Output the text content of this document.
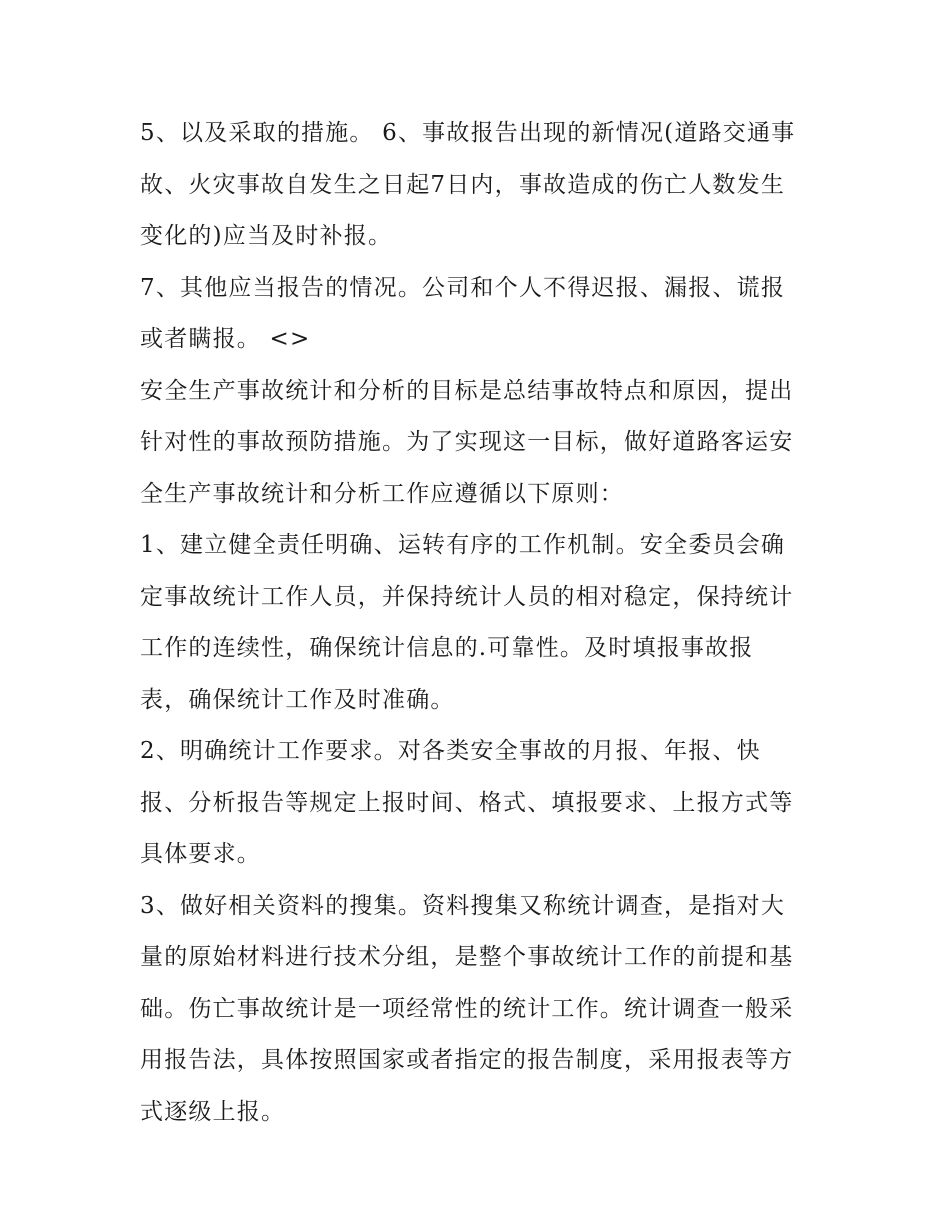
5、以及采取的措施。 6、事故报告出现的新情况(道路交通事
故、火灾事故自发生之日起7日内，事故造成的伤亡人数发生
变化的)应当及时补报。
7、其他应当报告的情况。公司和个人不得迟报、漏报、谎报
或者瞒报。 <>
安全生产事故统计和分析的目标是总结事故特点和原因，提出
针对性的事故预防措施。为了实现这一目标，做好道路客运安
全生产事故统计和分析工作应遵循以下原则：
1、建立健全责任明确、运转有序的工作机制。安全委员会确
定事故统计工作人员，并保持统计人员的相对稳定，保持统计
工作的连续性，确保统计信息的.可靠性。及时填报事故报
表，确保统计工作及时准确。
2、明确统计工作要求。对各类安全事故的月报、年报、快
报、分析报告等规定上报时间、格式、填报要求、上报方式等
具体要求。
3、做好相关资料的搜集。资料搜集又称统计调查，是指对大
量的原始材料进行技术分组，是整个事故统计工作的前提和基
础。伤亡事故统计是一项经常性的统计工作。统计调查一般采
用报告法，具体按照国家或者指定的报告制度，采用报表等方
式逐级上报。
